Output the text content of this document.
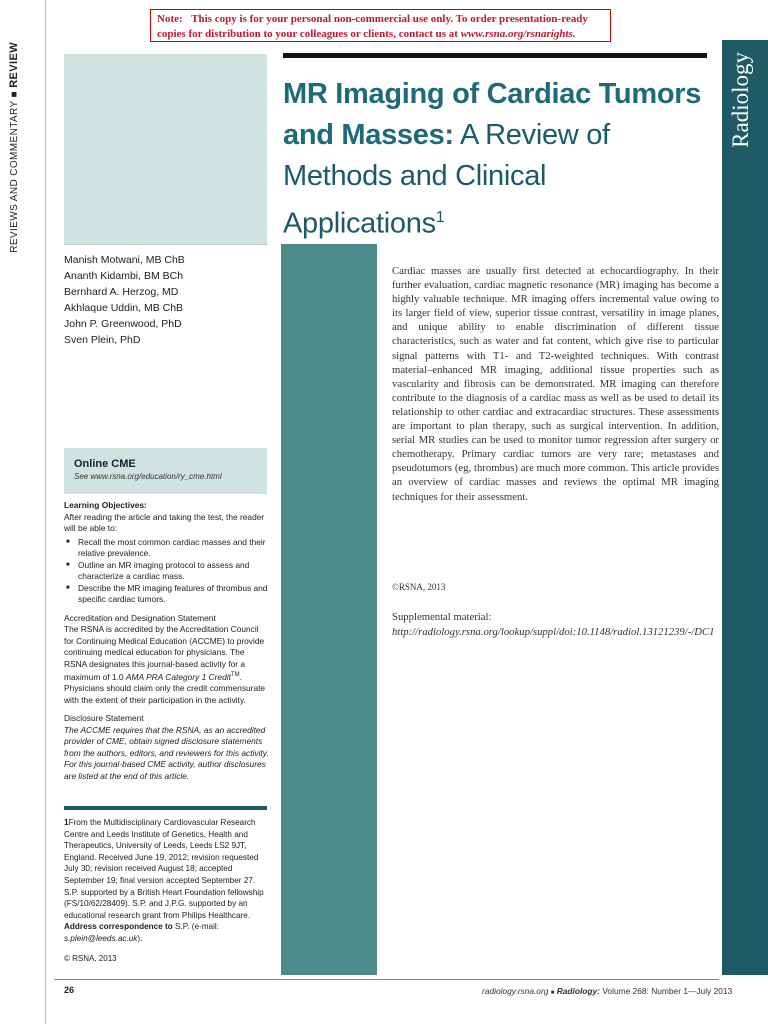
REVIEWS AND COMMENTARY ■ REVIEW
Note: This copy is for your personal non-commercial use only. To order presentation-ready copies for distribution to your colleagues or clients, contact us at www.rsna.org/rsnarights.
MR Imaging of Cardiac Tumors and Masses: A Review of Methods and Clinical Applications$^1$
Radiology
Manish Motwani, MB ChB
Ananth Kidambi, BM BCh
Bernhard A. Herzog, MD
Akhlaque Uddin, MB ChB
John P. Greenwood, PhD
Sven Plein, PhD
Cardiac masses are usually first detected at echocardiography. In their further evaluation, cardiac magnetic resonance (MR) imaging has become a highly valuable technique. MR imaging offers incremental value owing to its larger field of view, superior tissue contrast, versatility in image planes, and unique ability to enable discrimination of different tissue characteristics, such as water and fat content, which give rise to particular signal patterns with T1- and T2-weighted techniques. With contrast material–enhanced MR imaging, additional tissue properties such as vascularity and fibrosis can be demonstrated. MR imaging can therefore contribute to the diagnosis of a cardiac mass as well as be used to detail its relationship to other cardiac and extracardiac structures. These assessments are important to plan therapy, such as surgical intervention. In addition, serial MR studies can be used to monitor tumor regression after surgery or chemotherapy. Primary cardiac tumors are very rare; metastases and pseudotumors (eg, thrombus) are much more common. This article provides an overview of cardiac masses and reviews the optimal MR imaging techniques for their assessment.
©RSNA, 2013
Supplemental material: http://radiology.rsna.org/lookup/suppl/doi:10.1148/radiol.13121239/-/DC1
Online CME
See www.rsna.org/education/ry_cme.html
Learning Objectives:
After reading the article and taking the test, the reader will be able to:
■ Recall the most common cardiac masses and their relative prevalence.
■ Outline an MR imaging protocol to assess and characterize a cardiac mass.
■ Describe the MR imaging features of thrombus and specific cardiac tumors.
Accreditation and Designation Statement
The RSNA is accredited by the Accreditation Council for Continuing Medical Education (ACCME) to provide continuing medical education for physicians. The RSNA designates this journal-based activity for a maximum of 1.0 AMA PRA Category 1 Credit™. Physicians should claim only the credit commensurate with the extent of their participation in the activity.
Disclosure Statement
The ACCME requires that the RSNA, as an accredited provider of CME, obtain signed disclosure statements from the authors, editors, and reviewers for this activity. For this journal-based CME activity, author disclosures are listed at the end of this article.
1From the Multidisciplinary Cardiovascular Research Centre and Leeds Institute of Genetics, Health and Therapeutics, University of Leeds, Leeds LS2 9JT, England. Received June 19, 2012; revision requested July 30; revision received August 18; accepted September 19; final version accepted September 27. S.P. supported by a British Heart Foundation fellowship (FS/10/62/28409). S.P. and J.P.G. supported by an educational research grant from Philips Healthcare. Address correspondence to S.P. (e-mail: s.plein@leeds.ac.uk).
© RSNA, 2013
26	radiology.rsna.org ■ Radiology: Volume 268: Number 1—July 2013
